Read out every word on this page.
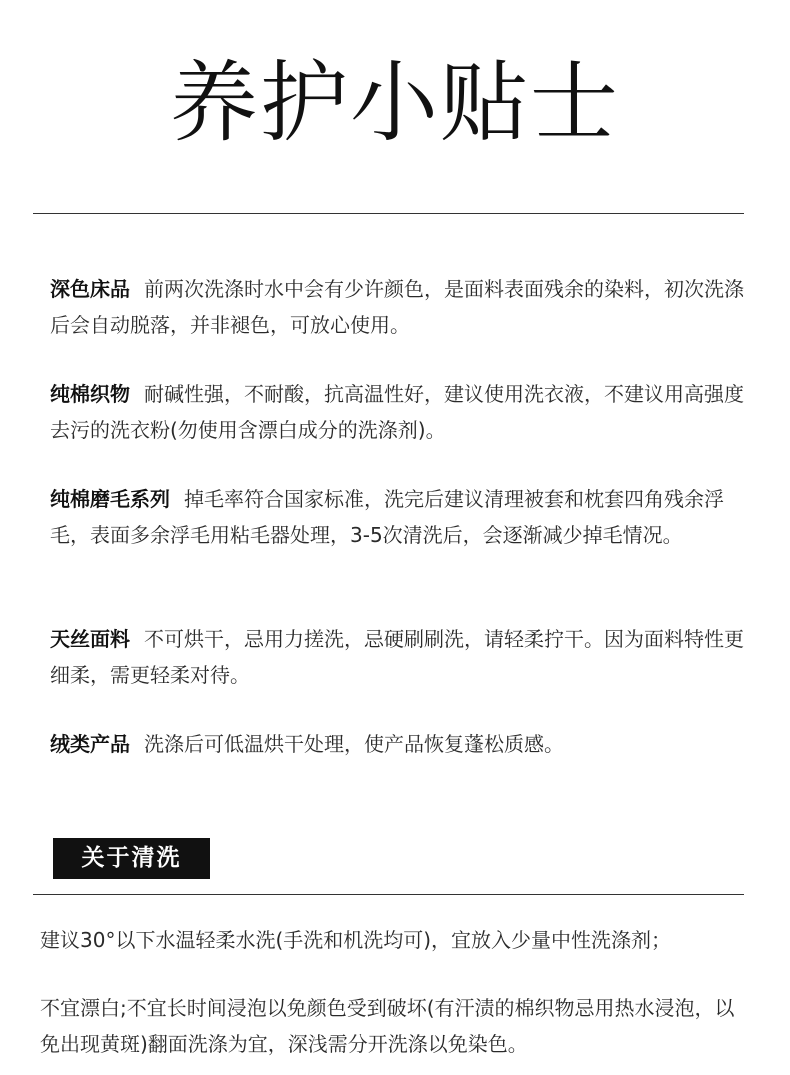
养护小贴士
深色床品 前两次洗涤时水中会有少许颜色，是面料表面残余的染料，初次洗涤后会自动脱落，并非褪色，可放心使用。
纯棉织物 耐碱性强，不耐酸，抗高温性好，建议使用洗衣液，不建议用高强度去污的洗衣粉(勿使用含漂白成分的洗涤剂)。
纯棉磨毛系列 掉毛率符合国家标准，洗完后建议清理被套和枕套四角残余浮毛，表面多余浮毛用粘毛器处理，3-5次清洗后，会逐渐减少掉毛情况。
天丝面料 不可烘干，忌用力搓洗，忌硬刷刷洗，请轻柔拧干。因为面料特性更细柔，需更轻柔对待。
绒类产品 洗涤后可低温烘干处理，使产品恢复蓬松质感。
关于清洗
建议30°以下水温轻柔水洗(手洗和机洗均可)，宜放入少量中性洗涤剂；
不宜漂白;不宜长时间浸泡以免颜色受到破坏(有汗渍的棉织物忌用热水浸泡，以免出现黄斑)翻面洗涤为宜，深浅需分开洗涤以免染色。
